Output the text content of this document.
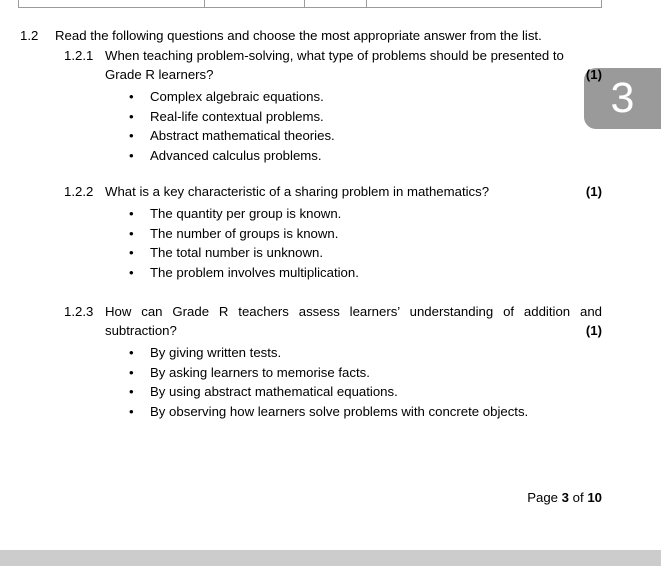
3
1.2 Read the following questions and choose the most appropriate answer from the list.
1.2.1 When teaching problem-solving, what type of problems should be presented to Grade R learners?	(1)
• Complex algebraic equations.
• Real-life contextual problems.
• Abstract mathematical theories.
• Advanced calculus problems.
1.2.2 What is a key characteristic of a sharing problem in mathematics?	(1)
• The quantity per group is known.
• The number of groups is known.
• The total number is unknown.
• The problem involves multiplication.
1.2.3 How can Grade R teachers assess learners’ understanding of addition and subtraction?	(1)
• By giving written tests.
• By asking learners to memorise facts.
• By using abstract mathematical equations.
• By observing how learners solve problems with concrete objects.
Page 3 of 10
